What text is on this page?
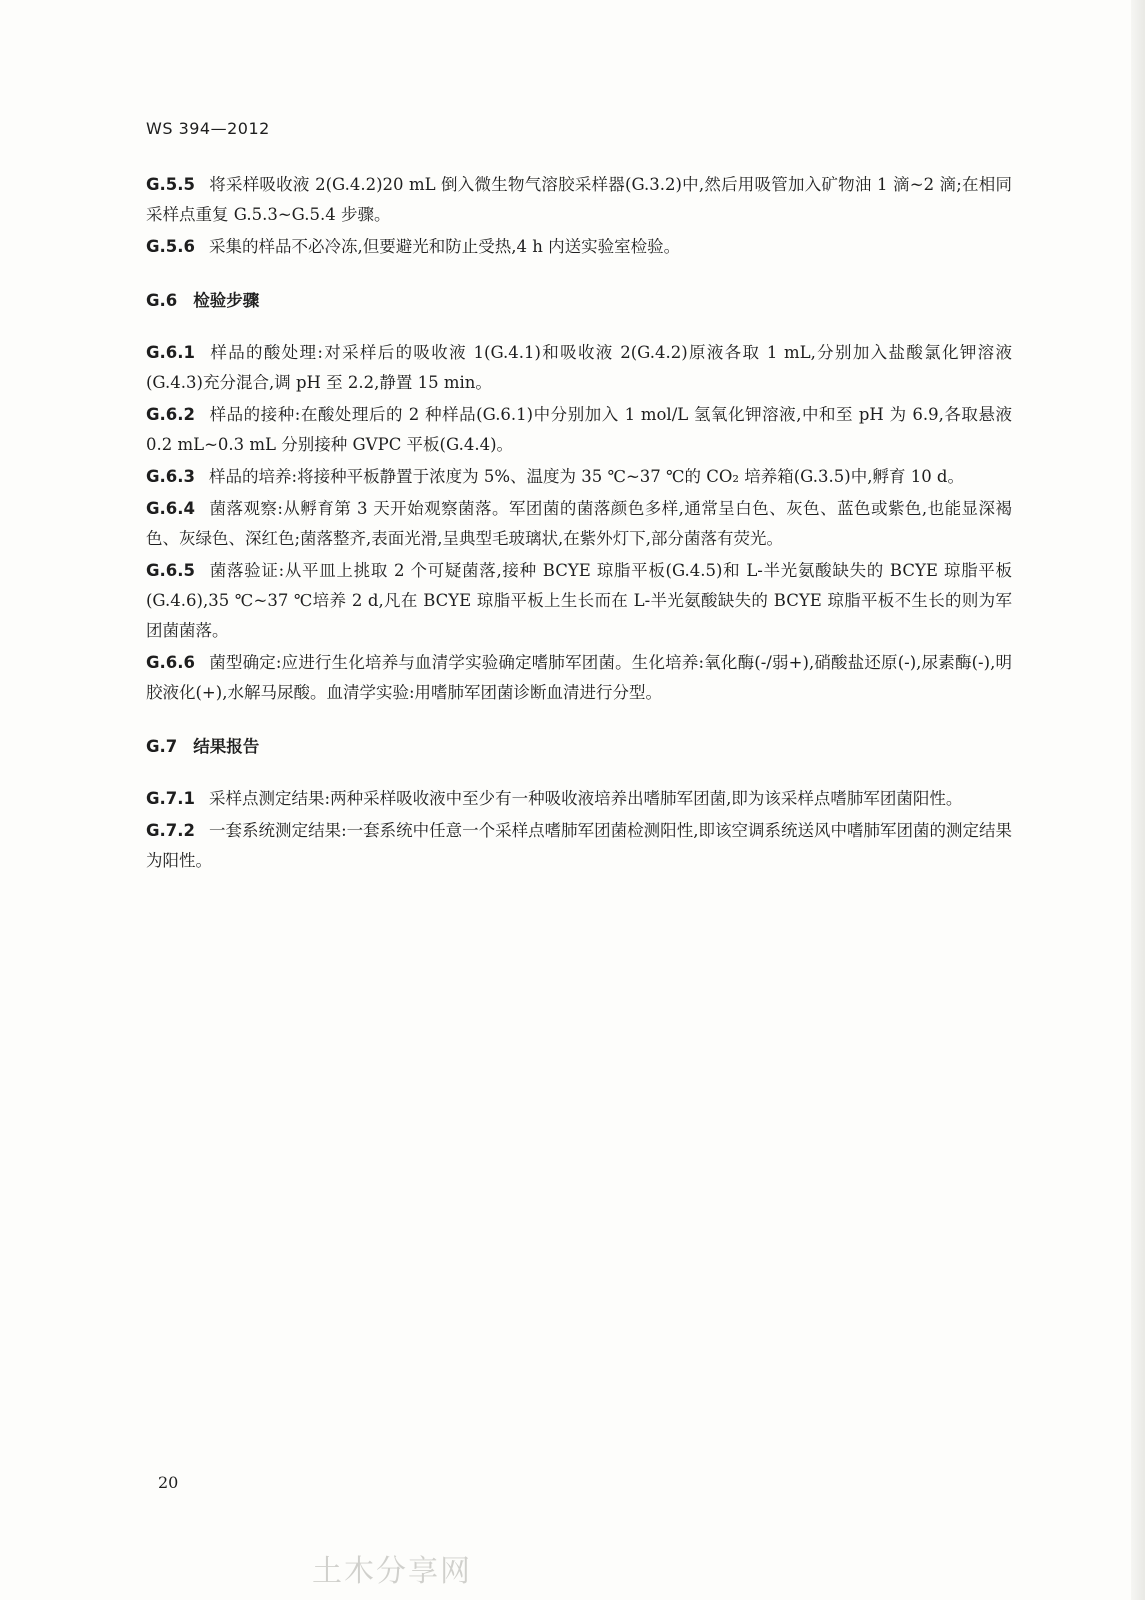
WS 394—2012
G.5.5 将采样吸收液 2(G.4.2)20 mL 倒入微生物气溶胶采样器(G.3.2)中,然后用吸管加入矿物油 1 滴~2 滴;在相同采样点重复 G.5.3~G.5.4 步骤。
G.5.6 采集的样品不必冷冻,但要避光和防止受热,4 h 内送实验室检验。
G.6 检验步骤
G.6.1 样品的酸处理:对采样后的吸收液 1(G.4.1)和吸收液 2(G.4.2)原液各取 1 mL,分别加入盐酸氯化钾溶液(G.4.3)充分混合,调 pH 至 2.2,静置 15 min。
G.6.2 样品的接种:在酸处理后的 2 种样品(G.6.1)中分别加入 1 mol/L 氢氧化钾溶液,中和至 pH 为 6.9,各取悬液 0.2 mL~0.3 mL 分别接种 GVPC 平板(G.4.4)。
G.6.3 样品的培养:将接种平板静置于浓度为 5%、温度为 35 ℃~37 ℃的 CO₂ 培养箱(G.3.5)中,孵育 10 d。
G.6.4 菌落观察:从孵育第 3 天开始观察菌落。军团菌的菌落颜色多样,通常呈白色、灰色、蓝色或紫色,也能显深褐色、灰绿色、深红色;菌落整齐,表面光滑,呈典型毛玻璃状,在紫外灯下,部分菌落有荧光。
G.6.5 菌落验证:从平皿上挑取 2 个可疑菌落,接种 BCYE 琼脂平板(G.4.5)和 L-半光氨酸缺失的 BCYE 琼脂平板(G.4.6),35 ℃~37 ℃培养 2 d,凡在 BCYE 琼脂平板上生长而在 L-半光氨酸缺失的 BCYE 琼脂平板不生长的则为军团菌菌落。
G.6.6 菌型确定:应进行生化培养与血清学实验确定嗜肺军团菌。生化培养:氧化酶(-/弱+),硝酸盐还原(-),尿素酶(-),明胶液化(+),水解马尿酸。血清学实验:用嗜肺军团菌诊断血清进行分型。
G.7 结果报告
G.7.1 采样点测定结果:两种采样吸收液中至少有一种吸收液培养出嗜肺军团菌,即为该采样点嗜肺军团菌阳性。
G.7.2 一套系统测定结果:一套系统中任意一个采样点嗜肺军团菌检测阳性,即该空调系统送风中嗜肺军团菌的测定结果为阳性。
20
土木分享网
